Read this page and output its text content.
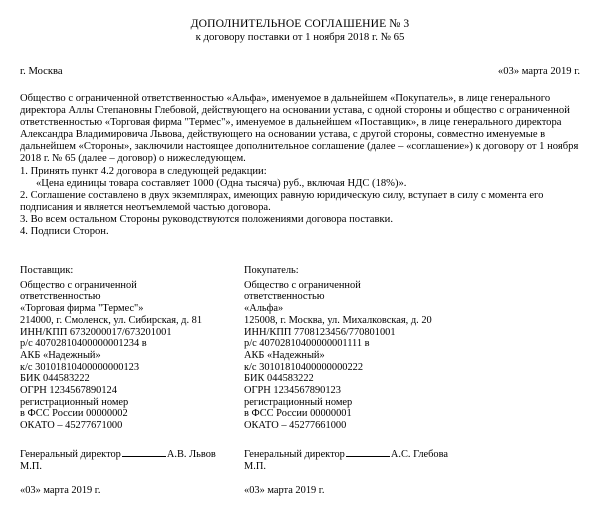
ДОПОЛНИТЕЛЬНОЕ СОГЛАШЕНИЕ № 3
к договору поставки от 1 ноября 2018 г. № 65
г. Москва	«03» марта 2019 г.

Общество с ограниченной ответственностью «Альфа», именуемое в дальнейшем «Покупатель», в лице генерального директора Аллы Степановны Глебовой, действующего на основании устава, с одной стороны и общество с ограниченной ответственностью «Торговая фирма "Термес"», именуемое в дальнейшем «Поставщик», в лице генерального директора Александра Владимировича Львова, действующего на основании устава, с другой стороны, совместно именуемые в дальнейшем «Стороны», заключили настоящее дополнительное соглашение (далее – «соглашение») к договору от 1 ноября 2018 г. № 65 (далее – договор) о нижеследующем.

1. Принять пункт 4.2 договора в следующей редакции:

«Цена единицы товара составляет 1000 (Одна тысяча) руб., включая НДС (18%)».

2. Соглашение составлено в двух экземплярах, имеющих равную юридическую силу, вступает в силу с момента его подписания и является неотъемлемой частью договора.

3. Во всем остальном Стороны руководствуются положениями договора поставки.

4. Подписи Сторон.

Поставщик:
Общество с ограниченной
ответственностью
«Торговая фирма "Термес"»
214000, г. Смоленск, ул. Сибирская, д. 81
ИНН/КПП 6732000017/673201001
р/с 40702810400000001234 в
АКБ «Надежный»
к/с 30101810400000000123
БИК 044583222
ОГРН 1234567890124
регистрационный номер
в ФСС России 00000002
ОКАТО – 45277671000
Генеральный директор	А.В. Львов
М.П.
«03» марта 2019 г.
Покупатель:
Общество с ограниченной
ответственностью
«Альфа»
125008, г. Москва, ул. Михалковская, д. 20
ИНН/КПП 7708123456/770801001
р/с 40702810400000001111 в
АКБ «Надежный»
к/с 30101810400000000222
БИК 044583222
ОГРН 1234567890123
регистрационный номер
в ФСС России 00000001
ОКАТО – 45277661000
Генеральный директор	А.С. Глебова
М.П.
«03» марта 2019 г.
